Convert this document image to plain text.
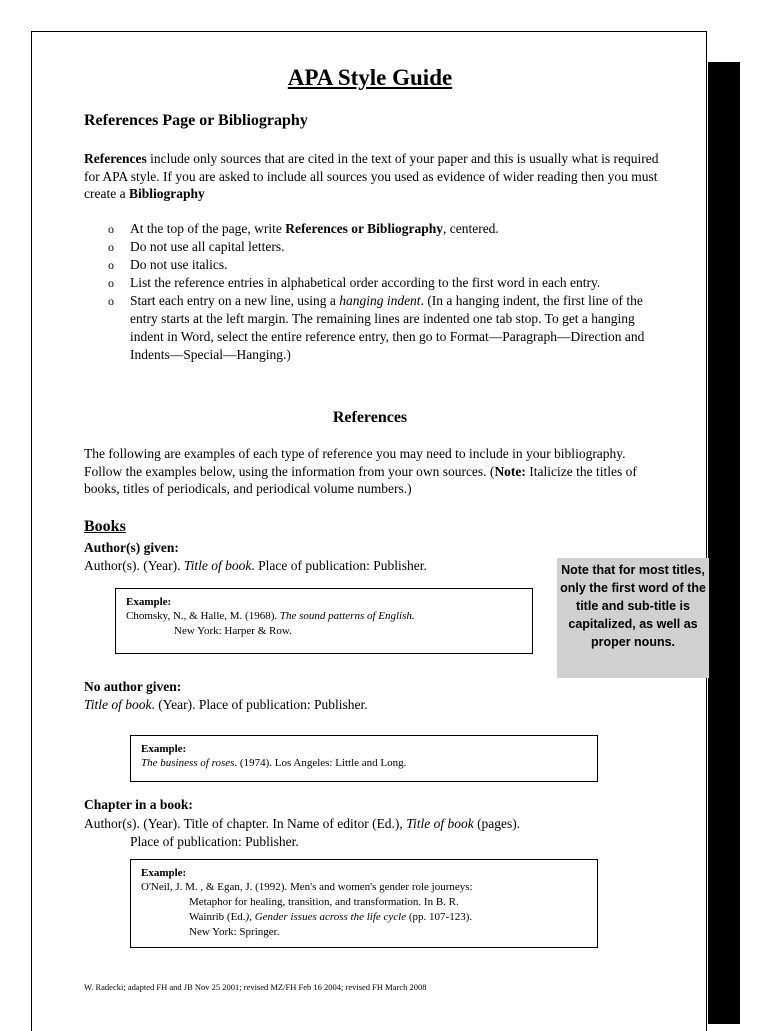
APA Style Guide
References Page or Bibliography
References include only sources that are cited in the text of your paper and this is usually what is required for APA style. If you are asked to include all sources you used as evidence of wider reading then you must create a Bibliography
o At the top of the page, write References or Bibliography, centered.
o Do not use all capital letters.
o Do not use italics.
o List the reference entries in alphabetical order according to the first word in each entry.
o Start each entry on a new line, using a hanging indent. (In a hanging indent, the first line of the entry starts at the left margin. The remaining lines are indented one tab stop. To get a hanging indent in Word, select the entire reference entry, then go to Format—Paragraph—Direction and Indents—Special—Hanging.)
References
The following are examples of each type of reference you may need to include in your bibliography. Follow the examples below, using the information from your own sources. (Note: Italicize the titles of books, titles of periodicals, and periodical volume numbers.)
Books
Author(s) given:
Author(s). (Year). Title of book. Place of publication: Publisher.
Example:
Chomsky, N., & Halle, M. (1968). The sound patterns of English.
New York: Harper & Row.
Note that for most titles, only the first word of the title and sub-title is capitalized, as well as proper nouns.
No author given:
Title of book. (Year). Place of publication: Publisher.
Example:
The business of roses. (1974). Los Angeles: Little and Long.
Chapter in a book:
Author(s). (Year). Title of chapter. In Name of editor (Ed.), Title of book (pages).
Place of publication: Publisher.
Example:
O'Neil, J. M. , & Egan, J. (1992). Men's and women's gender role journeys:
Metaphor for healing, transition, and transformation. In B. R.
Wainrib (Ed.), Gender issues across the life cycle (pp. 107-123).
New York: Springer.
W. Radecki; adapted FH and JB Nov 25 2001; revised MZ/FH Feb 16 2004; revised FH March 2008
